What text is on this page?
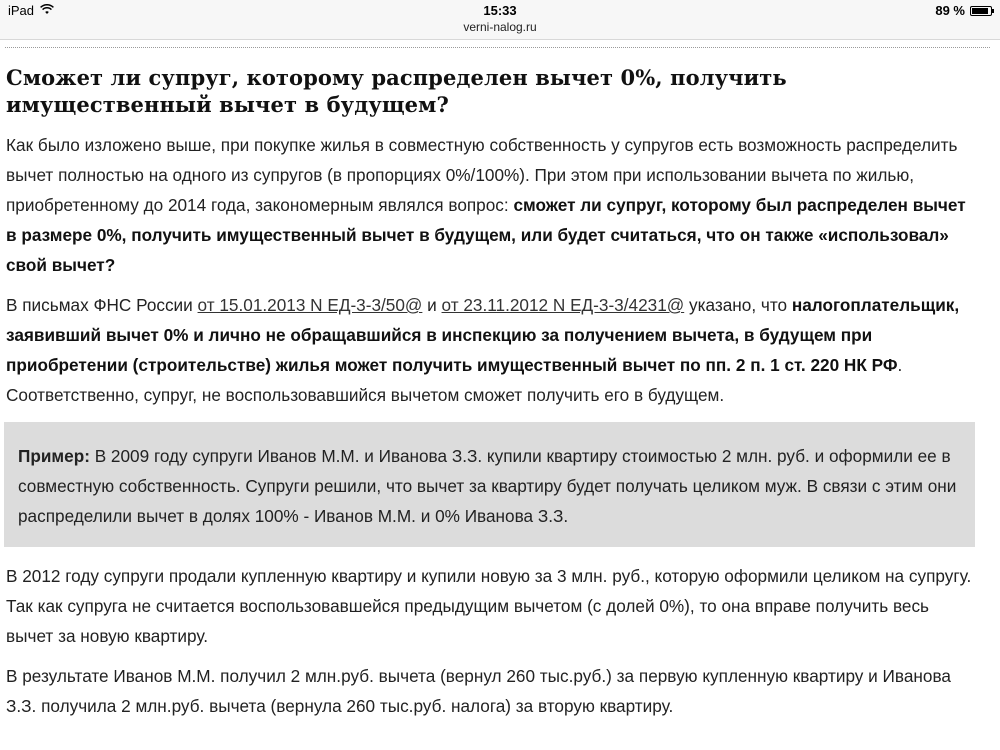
iPad	15:33
verni-nalog.ru
89 %
Сможет ли супруг, которому распределен вычет 0%, получить имущественный вычет в будущем?

Как было изложено выше, при покупке жилья в совместную собственность у супругов есть возможность распределить вычет полностью на одного из супругов (в пропорциях 0%/100%). При этом при использовании вычета по жилью, приобретенному до 2014 года, закономерным являлся вопрос: сможет ли супруг, которому был распределен вычет в размере 0%, получить имущественный вычет в будущем, или будет считаться, что он также «использовал» свой вычет?

В письмах ФНС России от 15.01.2013 N ЕД-3-3/50@ и от 23.11.2012 N ЕД-3-3/4231@ указано, что налогоплательщик, заявивший вычет 0% и лично не обращавшийся в инспекцию за получением вычета, в будущем при приобретении (строительстве) жилья может получить имущественный вычет по пп. 2 п. 1 ст. 220 НК РФ. Соответственно, супруг, не воспользовавшийся вычетом сможет получить его в будущем.

Пример: В 2009 году супруги Иванов М.М. и Иванова З.З. купили квартиру стоимостью 2 млн. руб. и оформили ее в совместную собственность. Супруги решили, что вычет за квартиру будет получать целиком муж. В связи с этим они распределили вычет в долях 100% - Иванов М.М. и 0% Иванова З.З.

В 2012 году супруги продали купленную квартиру и купили новую за 3 млн. руб., которую оформили целиком на супругу. Так как супруга не считается воспользовавшейся предыдущим вычетом (с долей 0%), то она вправе получить весь вычет за новую квартиру.

В результате Иванов М.М. получил 2 млн.руб. вычета (вернул 260 тыс.руб.) за первую купленную квартиру и Иванова З.З. получила 2 млн.руб. вычета (вернула 260 тыс.руб. налога) за вторую квартиру.
